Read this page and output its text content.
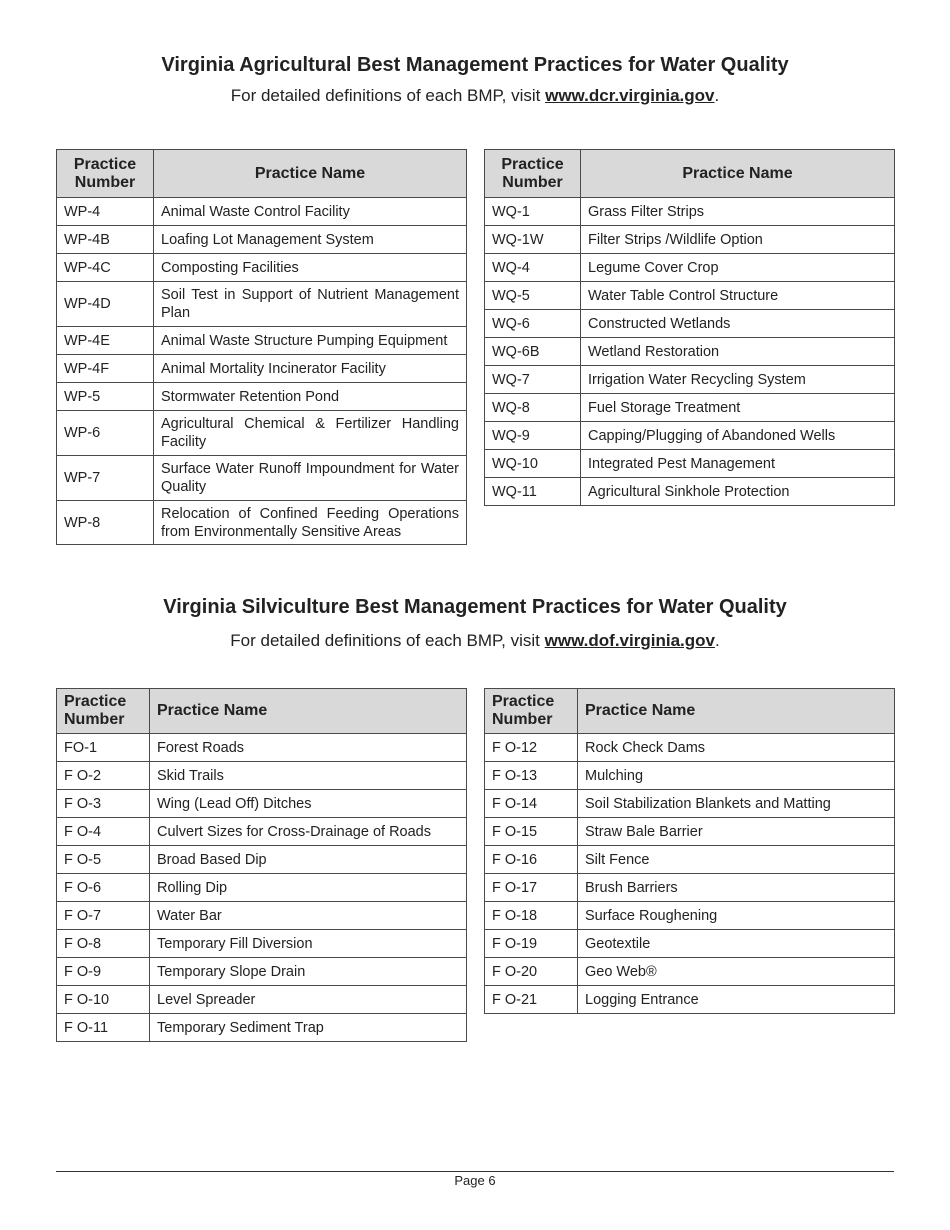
Virginia Agricultural Best Management Practices for Water Quality
For detailed definitions of each BMP, visit www.dcr.virginia.gov.
Practice Number	Practice Name
WP-4	Animal Waste Control Facility
WP-4B	Loafing Lot Management System
WP-4C	Composting Facilities
WP-4D	Soil Test in Support of Nutrient Management Plan
WP-4E	Animal Waste Structure Pumping Equipment
WP-4F	Animal Mortality Incinerator Facility
WP-5	Stormwater Retention Pond
WP-6	Agricultural Chemical & Fertilizer Handling Facility
WP-7	Surface Water Runoff Impoundment for Water Quality
WP-8	Relocation of Confined Feeding Operations from Environmentally Sensitive Areas
Practice Number	Practice Name
WQ-1	Grass Filter Strips
WQ-1W	Filter Strips /Wildlife Option
WQ-4	Legume Cover Crop
WQ-5	Water Table Control Structure
WQ-6	Constructed Wetlands
WQ-6B	Wetland Restoration
WQ-7	Irrigation Water Recycling System
WQ-8	Fuel Storage Treatment
WQ-9	Capping/Plugging of Abandoned Wells
WQ-10	Integrated Pest Management
WQ-11	Agricultural Sinkhole Protection
Virginia Silviculture Best Management Practices for Water Quality
For detailed definitions of each BMP, visit www.dof.virginia.gov.
Practice Number	Practice Name
FO-1	Forest Roads
F O-2	Skid Trails
F O-3	Wing (Lead Off) Ditches
F O-4	Culvert Sizes for Cross-Drainage of Roads
F O-5	Broad Based Dip
F O-6	Rolling Dip
F O-7	Water Bar
F O-8	Temporary Fill Diversion
F O-9	Temporary Slope Drain
F O-10	Level Spreader
F O-11	Temporary Sediment Trap
Practice Number	Practice Name
F O-12	Rock Check Dams
F O-13	Mulching
F O-14	Soil Stabilization Blankets and Matting
F O-15	Straw Bale Barrier
F O-16	Silt Fence
F O-17	Brush Barriers
F O-18	Surface Roughening
F O-19	Geotextile
F O-20	Geo Web®
F O-21	Logging Entrance
Page 6
